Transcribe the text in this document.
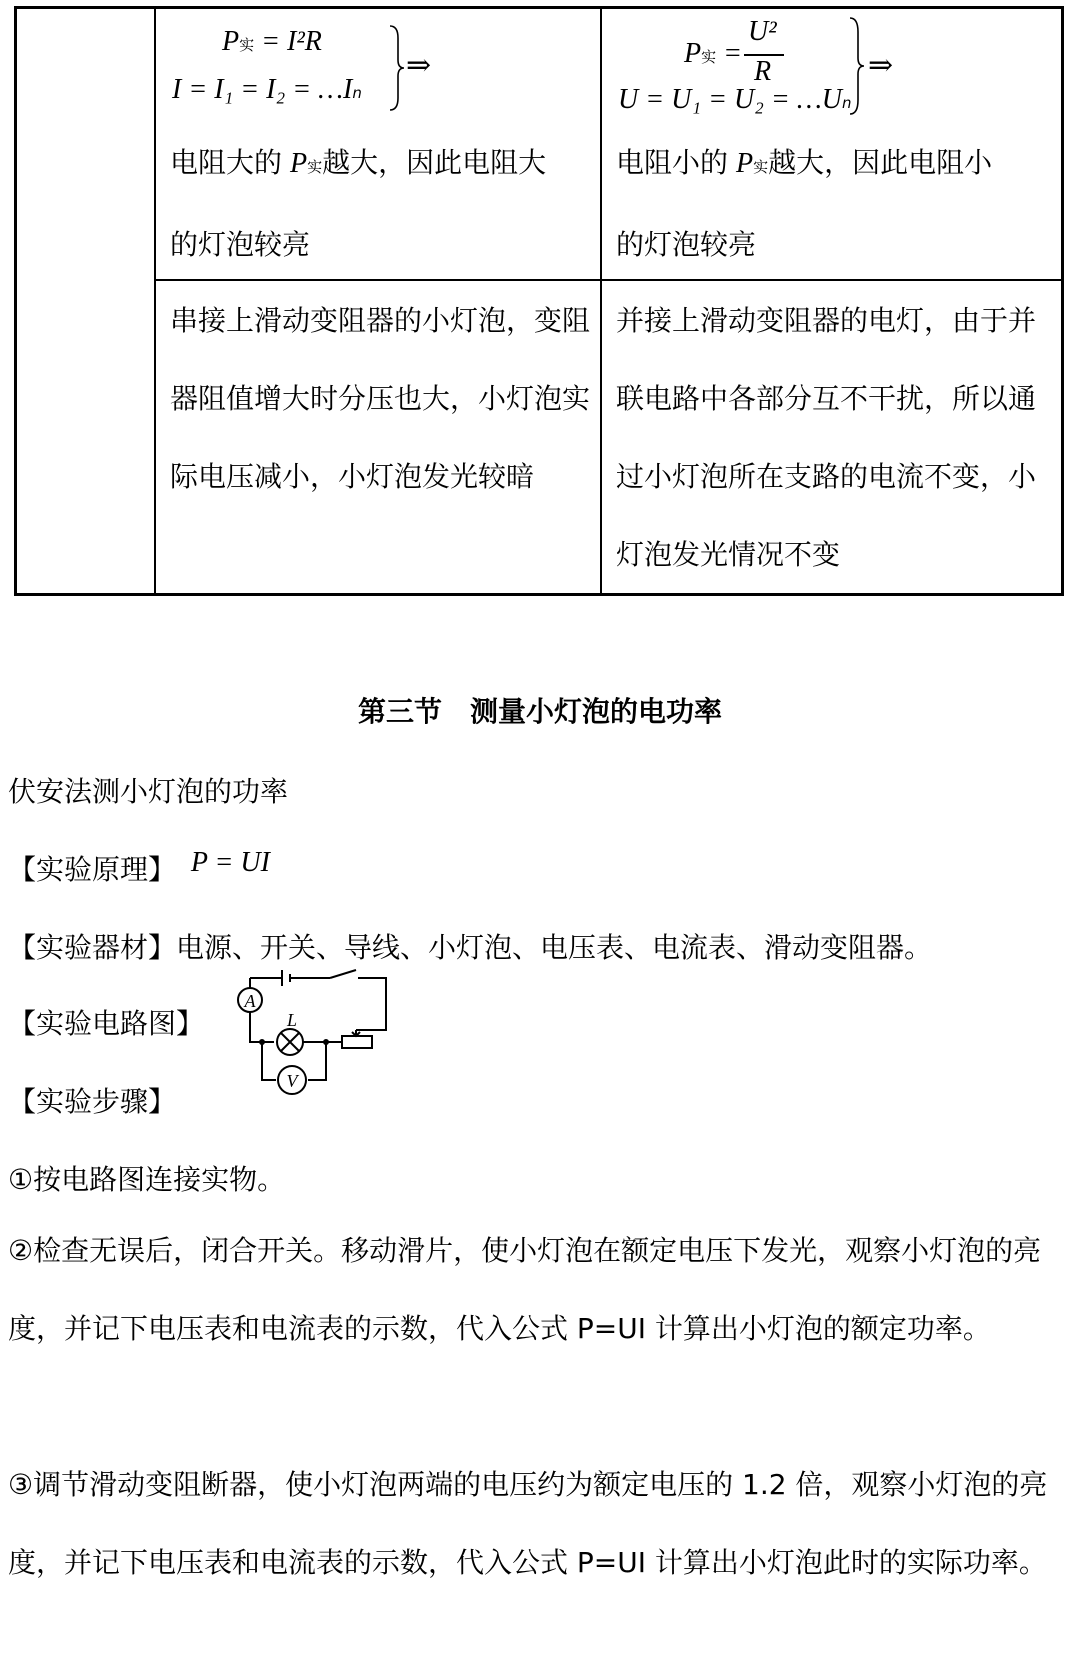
P实 = I²R
I = I₁ = I₂ = …In
⇒	P实 =
U²
R
U = U₁ = U₂ = …Un
⇒
电阻大的 P实越大，因此电阻大
的灯泡较亮
电阻小的 P实越大，因此电阻小
的灯泡较亮
串接上滑动变阻器的小灯泡，变阻器阻值增大时分压也大，小灯泡实际电压减小，小灯泡发光较暗
并接上滑动变阻器的电灯，由于并联电路中各部分互不干扰，所以通过小灯泡所在支路的电流不变，小灯泡发光情况不变
第三节　测量小灯泡的电功率
伏安法测小灯泡的功率
【实验原理】 P = UI
【实验器材】电源、开关、导线、小灯泡、电压表、电流表、滑动变阻器。
【实验电路图】
A
L
V
【实验步骤】
①按电路图连接实物。
②检查无误后，闭合开关。移动滑片，使小灯泡在额定电压下发光，观察小灯泡的亮度，并记下电压表和电流表的示数，代入公式 P=UI 计算出小灯泡的额定功率。
③调节滑动变阻断器，使小灯泡两端的电压约为额定电压的 1.2 倍，观察小灯泡的亮度，并记下电压表和电流表的示数，代入公式 P=UI 计算出小灯泡此时的实际功率。
